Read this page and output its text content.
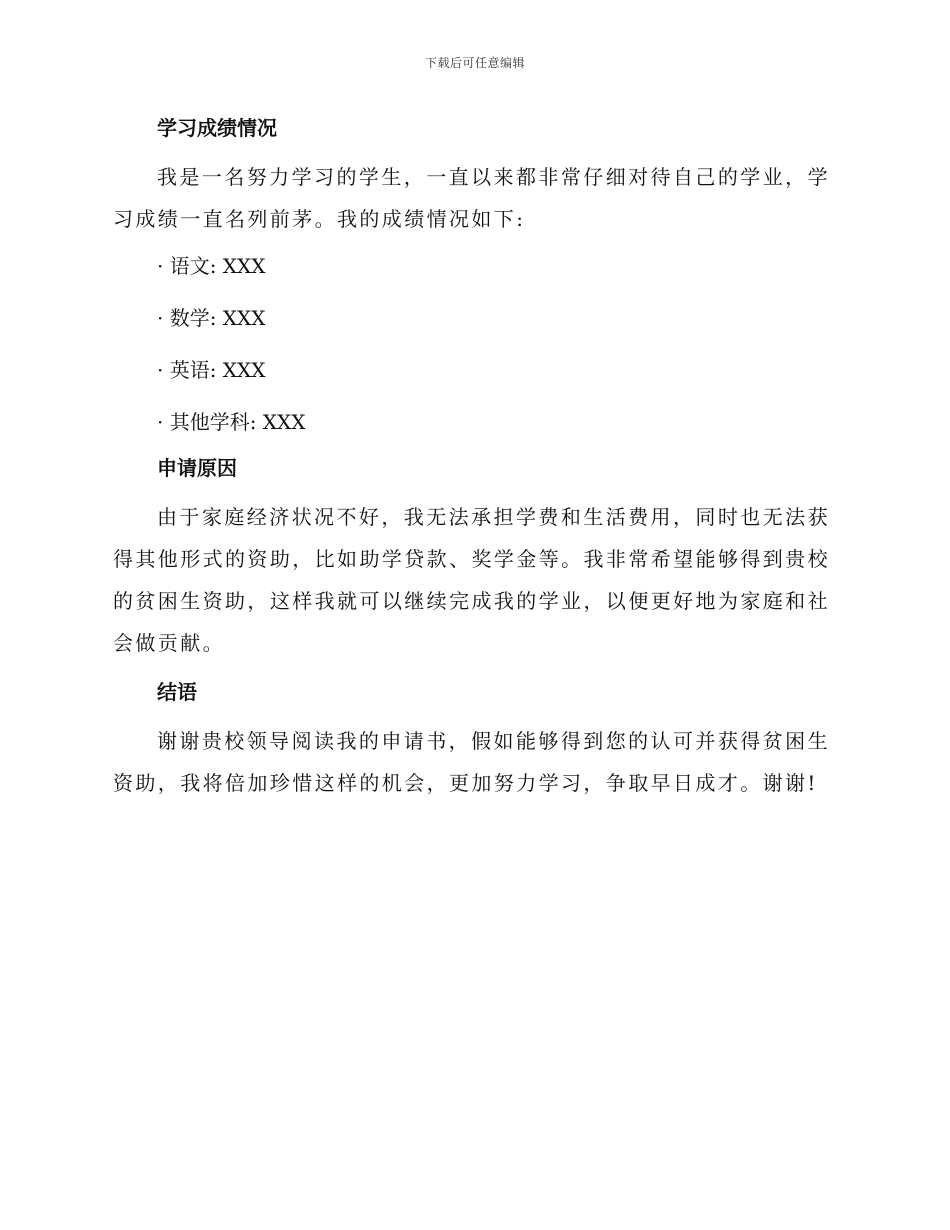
下载后可任意编辑
学习成绩情况

我是一名努力学习的学生，一直以来都非常仔细对待自己的学业，学习成绩一直名列前茅。我的成绩情况如下:

· 语文: XXX
· 数学: XXX
· 英语: XXX
· 其他学科: XXX
申请原因

由于家庭经济状况不好，我无法承担学费和生活费用，同时也无法获得其他形式的资助，比如助学贷款、奖学金等。我非常希望能够得到贵校的贫困生资助，这样我就可以继续完成我的学业，以便更好地为家庭和社会做贡献。

结语

谢谢贵校领导阅读我的申请书，假如能够得到您的认可并获得贫困生资助，我将倍加珍惜这样的机会，更加努力学习，争取早日成才。谢谢!
